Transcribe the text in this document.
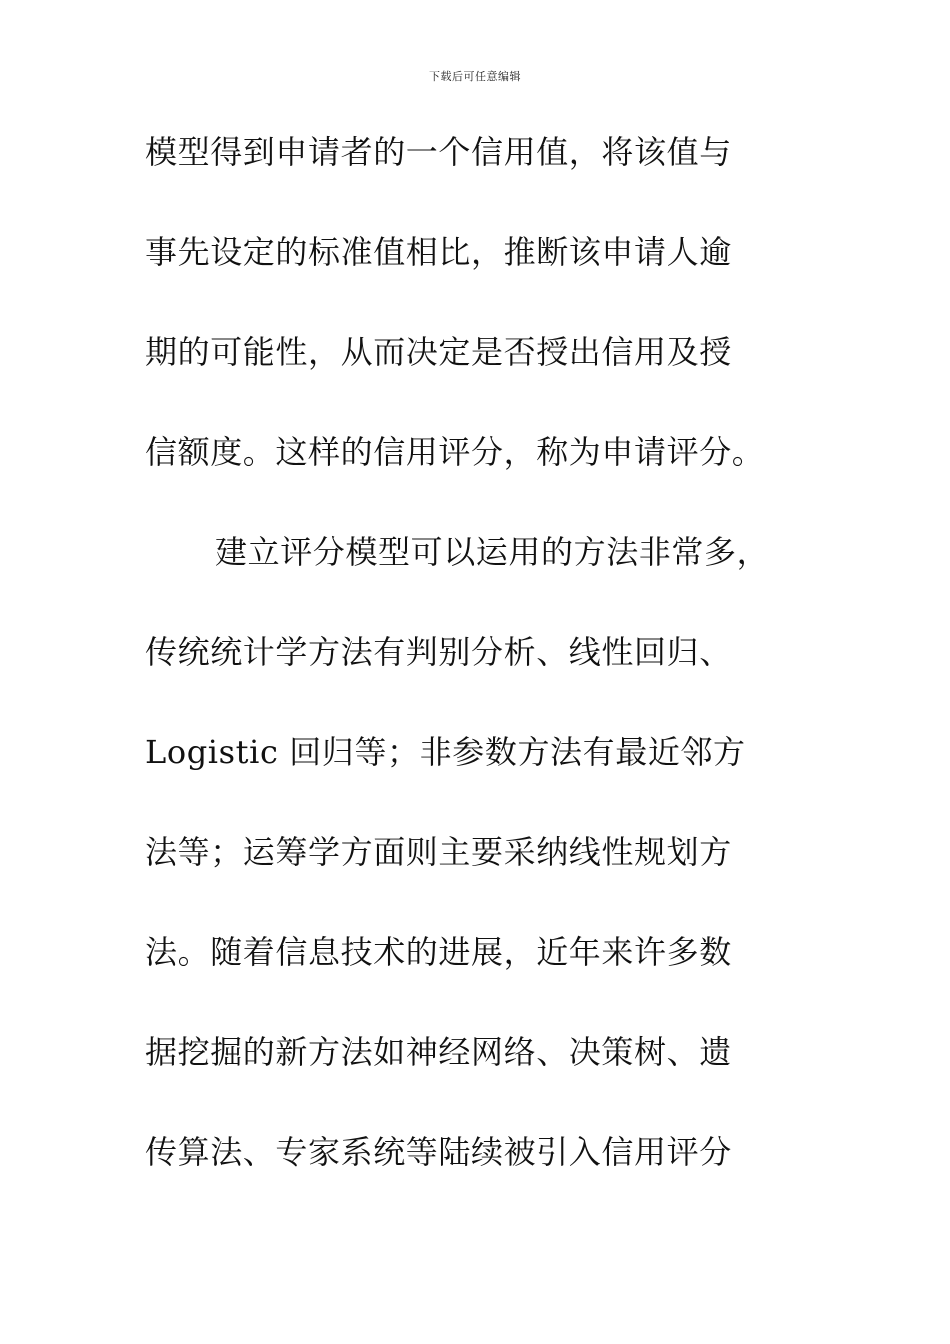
下载后可任意编辑
模型得到申请者的一个信用值，将该值与
事先设定的标准值相比，推断该申请人逾
期的可能性，从而决定是否授出信用及授
信额度。这样的信用评分，称为申请评分。
建立评分模型可以运用的方法非常多，
传统统计学方法有判别分析、线性回归、
Logistic 回归等；非参数方法有最近邻方
法等；运筹学方面则主要采纳线性规划方
法。随着信息技术的进展，近年来许多数
据挖掘的新方法如神经网络、决策树、遗
传算法、专家系统等陆续被引入信用评分
